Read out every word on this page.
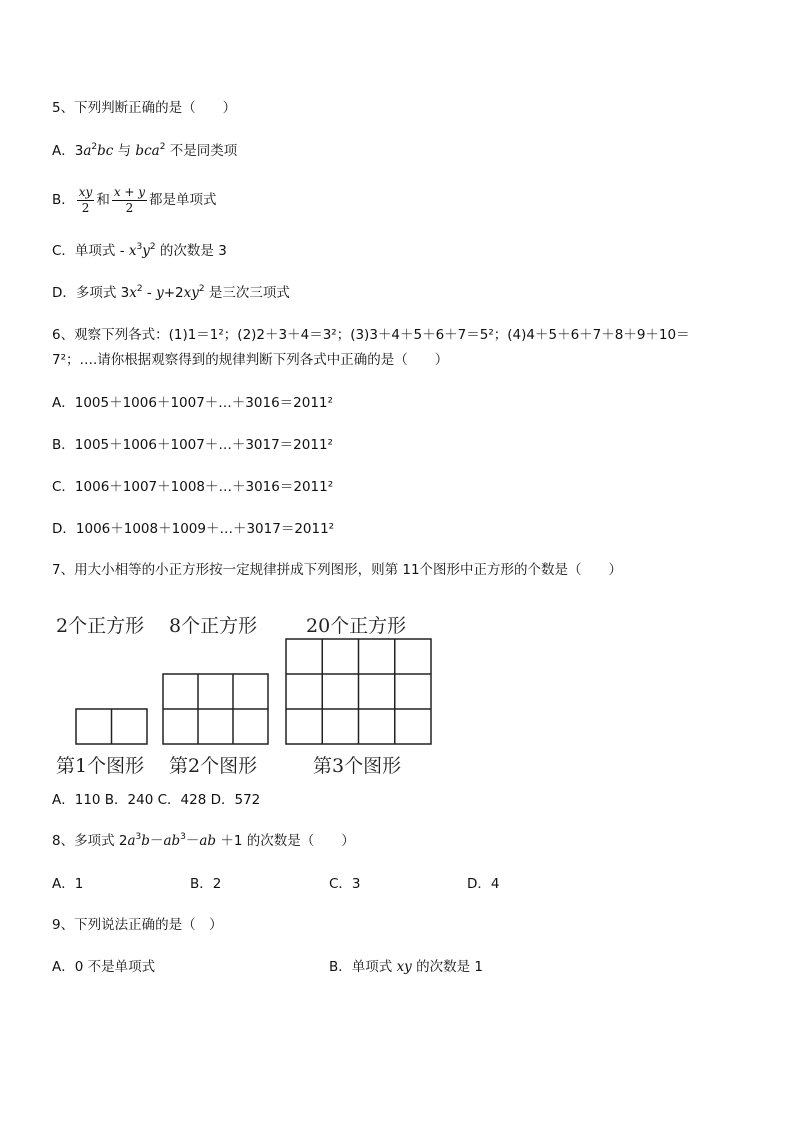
5、下列判断正确的是（　　）
A．$3a^2bc$ 与 bca$^2$ 不是同类项
B． $\frac{xy}{2}$ 和 $\frac{x + y}{2}$ 都是单项式
C．单项式 - $x^3y^2$ 的次数是 3
D．多项式 $3x^2 - y+2xy^2$ 是三次三项式
6、观察下列各式：(1)1＝1²；(2)2＋3＋4＝3²；(3)3＋4＋5＋6＋7＝5²；(4)4＋5＋6＋7＋8＋9＋10＝
7²；….请你根据观察得到的规律判断下列各式中正确的是（　　）
A．1005＋1006＋1007＋…＋3016＝2011²
B．1005＋1006＋1007＋…＋3017＝2011²
C．1006＋1007＋1008＋…＋3016＝2011²
D．1006＋1008＋1009＋…＋3017＝2011²
7、用大小相等的小正方形按一定规律拼成下列图形，则第 11个图形中正方形的个数是（　　）
2个正方形 8个正方形	20个正方形
第1个图形 第2个图形	第3个图形
A．110 B．240 C．428 D．572
8、多项式 $2a^3b-ab^3-ab +1$ 的次数是（　　）
A．1	B．2	C．3	D．4
9、下列说法正确的是（　）
A．0 不是单项式	B．单项式 xy 的次数是 1
